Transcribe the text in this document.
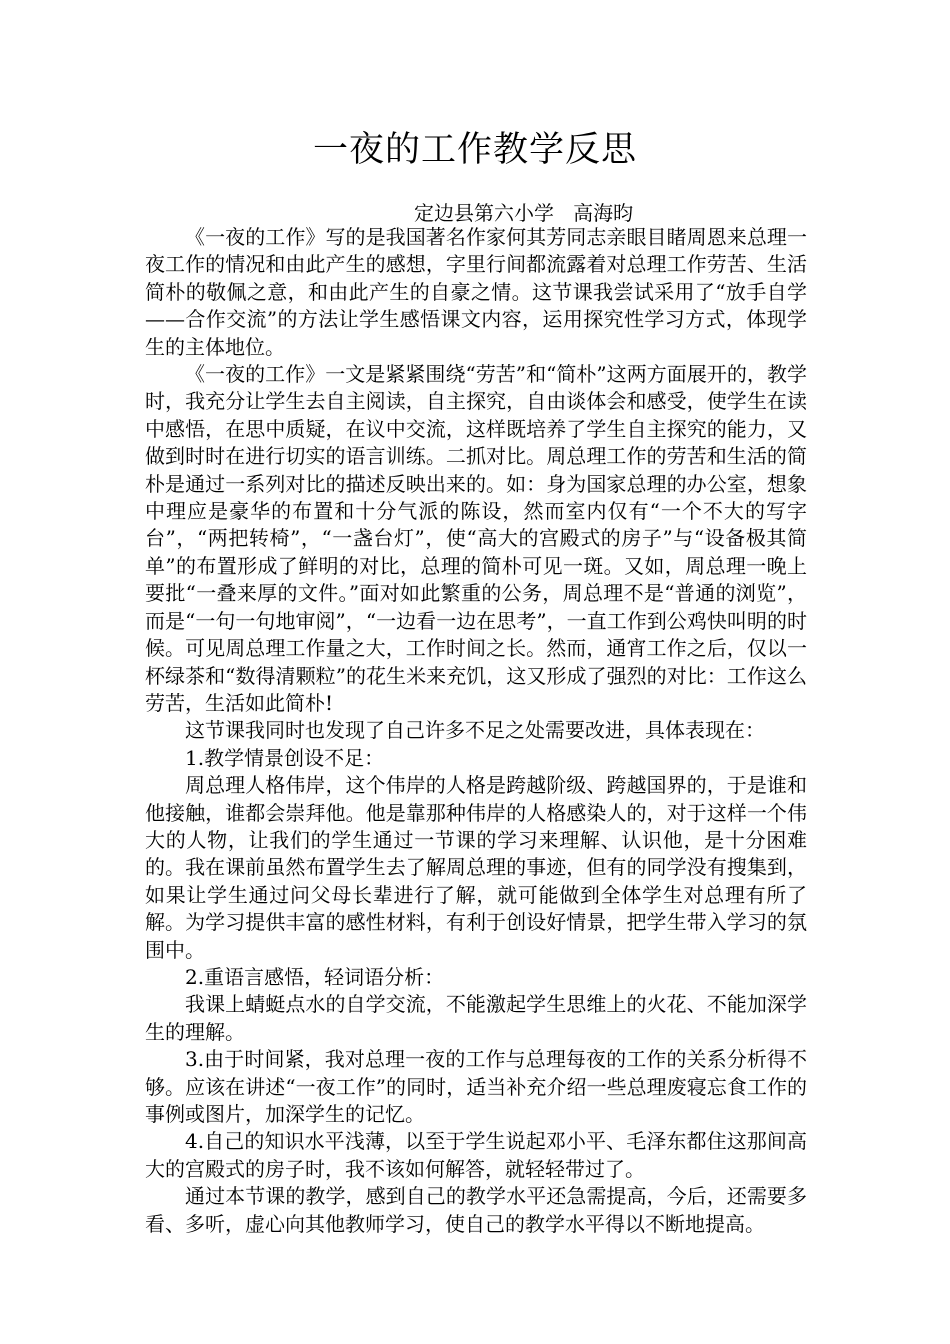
一夜的工作教学反思
定边县第六小学   高海昀

《一夜的工作》写的是我国著名作家何其芳同志亲眼目睹周恩来总理一夜工作的情况和由此产生的感想，字里行间都流露着对总理工作劳苦、生活简朴的敬佩之意，和由此产生的自豪之情。这节课我尝试采用了“放手自学——合作交流”的方法让学生感悟课文内容，运用探究性学习方式，体现学生的主体地位。

《一夜的工作》一文是紧紧围绕“劳苦”和“简朴”这两方面展开的，教学时，我充分让学生去自主阅读，自主探究，自由谈体会和感受，使学生在读中感悟，在思中质疑，在议中交流，这样既培养了学生自主探究的能力，又做到时时在进行切实的语言训练。二抓对比。周总理工作的劳苦和生活的简朴是通过一系列对比的描述反映出来的。如：身为国家总理的办公室，想象中理应是豪华的布置和十分气派的陈设，然而室内仅有“一个不大的写字台”，“两把转椅”，“一盏台灯”，使“高大的宫殿式的房子”与“设备极其简单”的布置形成了鲜明的对比，总理的简朴可见一斑。又如，周总理一晚上要批“一叠来厚的文件。”面对如此繁重的公务，周总理不是“普通的浏览”，而是“一句一句地审阅”，“一边看一边在思考”，一直工作到公鸡快叫明的时候。可见周总理工作量之大，工作时间之长。然而，通宵工作之后，仅以一杯绿茶和“数得清颗粒”的花生米来充饥，这又形成了强烈的对比：工作这么劳苦，生活如此简朴!

这节课我同时也发现了自己许多不足之处需要改进，具体表现在：

1.教学情景创设不足：

周总理人格伟岸，这个伟岸的人格是跨越阶级、跨越国界的，于是谁和他接触，谁都会崇拜他。他是靠那种伟岸的人格感染人的，对于这样一个伟大的人物，让我们的学生通过一节课的学习来理解、认识他，是十分困难的。我在课前虽然布置学生去了解周总理的事迹，但有的同学没有搜集到，如果让学生通过问父母长辈进行了解，就可能做到全体学生对总理有所了解。为学习提供丰富的感性材料，有利于创设好情景，把学生带入学习的氛围中。

2.重语言感悟，轻词语分析：

我课上蜻蜓点水的自学交流，不能激起学生思维上的火花、不能加深学生的理解。

3.由于时间紧，我对总理一夜的工作与总理每夜的工作的关系分析得不够。应该在讲述“一夜工作”的同时，适当补充介绍一些总理废寝忘食工作的事例或图片，加深学生的记忆。

4.自己的知识水平浅薄，以至于学生说起邓小平、毛泽东都住这那间高大的宫殿式的房子时，我不该如何解答，就轻轻带过了。

通过本节课的教学，感到自己的教学水平还急需提高，今后，还需要多看、多听，虚心向其他教师学习，使自己的教学水平得以不断地提高。
